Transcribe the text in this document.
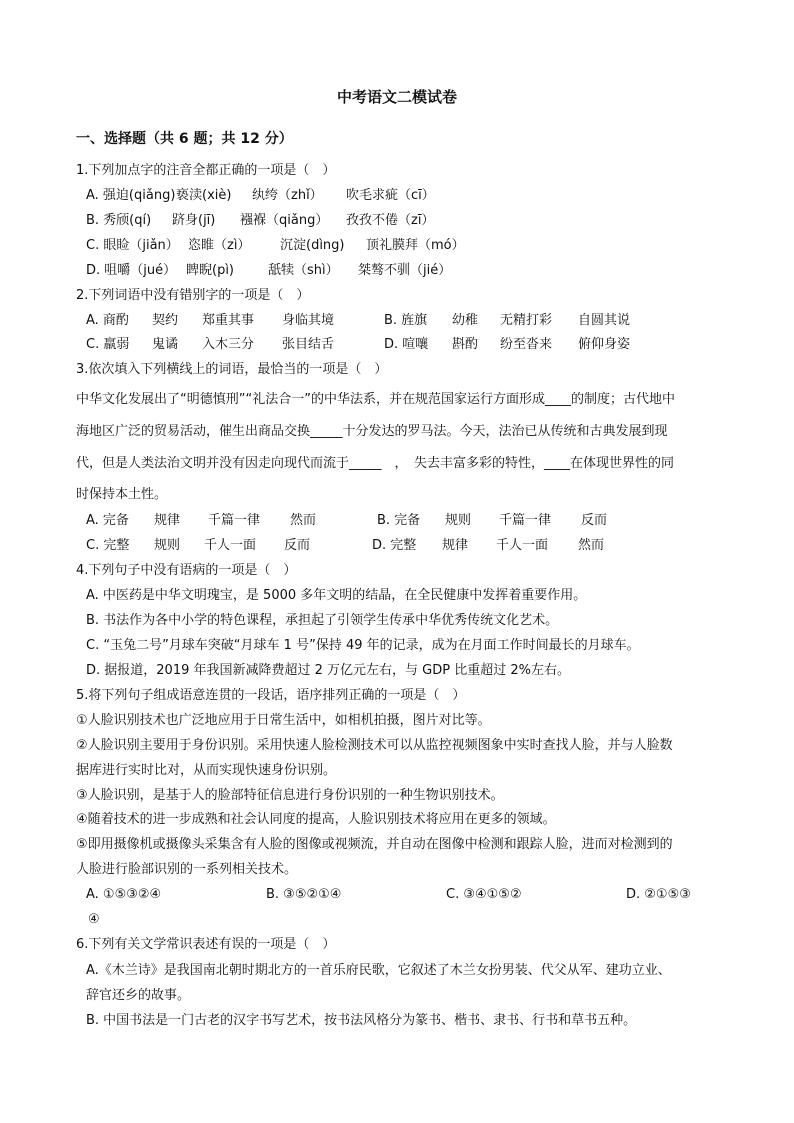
中考语文二模试卷
一、选择题（共 6 题；共 12 分）
1.下列加点字的注音全都正确的一项是（　）
A. 强迫(qiǎng) 亵渎(xiè) 纨绔（zhǐ） 吹毛求疵（cī）
B. 秀颀(qí) 跻身(jī) 襁褓（qiǎng） 孜孜不倦（zī）
C. 眼睑（jiǎn） 恣睢（zì） 沉淀(dìng) 顶礼膜拜（mó）
D. 咀嚼（jué） 睥睨(pì)	舐犊（shì） 桀骜不驯（jié）
2.下列词语中没有错别字的一项是（　）
A. 商酌 契约 郑重其事 身临其境	B. 旌旗 幼稚 无精打彩 自圆其说
C. 羸弱 鬼谲 入木三分 张目结舌	D. 喧嚷 斟酌 纷至沓来 俯仰身姿
3.依次填入下列横线上的词语，最恰当的一项是（　）
中华文化发展出了“明德慎刑”“礼法合一”的中华法系，并在规范国家运行方面形成____的制度；古代地中
海地区广泛的贸易活动，催生出商品交换_____十分发达的罗马法。今天，法治已从传统和古典发展到现
代，但是人类法治文明并没有因走向现代而流于_____　，　失去丰富多彩的特性，____在体现世界性的同
时保持本土性。
A. 完备 规律 千篇一律 然而	B. 完备 规则 千篇一律 反而
C. 完整 规则 千人一面 反而	D. 完整 规律 千人一面 然而
4.下列句子中没有语病的一项是（　）
A. 中医药是中华文明瑰宝，是 5000 多年文明的结晶，在全民健康中发挥着重要作用。
B. 书法作为各中小学的特色课程，承担起了引领学生传承中华优秀传统文化艺术。
C. “玉兔二号”月球车突破“月球车 1 号”保持 49 年的记录，成为在月面工作时间最长的月球车。
D. 据报道，2019 年我国新减降费超过 2 万亿元左右，与 GDP 比重超过 2%左右。
5.将下列句子组成语意连贯的一段话，语序排列正确的一项是（　）
①人脸识别技术也广泛地应用于日常生活中，如相机拍摄，图片对比等。
②人脸识别主要用于身份识别。采用快速人脸检测技术可以从监控视频图象中实时查找人脸，并与人脸数
据库进行实时比对，从而实现快速身份识别。
③人脸识别，是基于人的脸部特征信息进行身份识别的一种生物识别技术。
④随着技术的进一步成熟和社会认同度的提高，人脸识别技术将应用在更多的领域。
⑤即用摄像机或摄像头采集含有人脸的图像或视频流，并自动在图像中检测和跟踪人脸，进而对检测到的
人脸进行脸部识别的一系列相关技术。
A. ①⑤③②④	B. ③⑤②①④	C. ③④①⑤②	D. ②①⑤③
④
6.下列有关文学常识表述有误的一项是（　）
A.《木兰诗》是我国南北朝时期北方的一首乐府民歌，它叙述了木兰女扮男装、代父从军、建功立业、
辞官还乡的故事。
B. 中国书法是一门古老的汉字书写艺术，按书法风格分为篆书、楷书、隶书、行书和草书五种。
